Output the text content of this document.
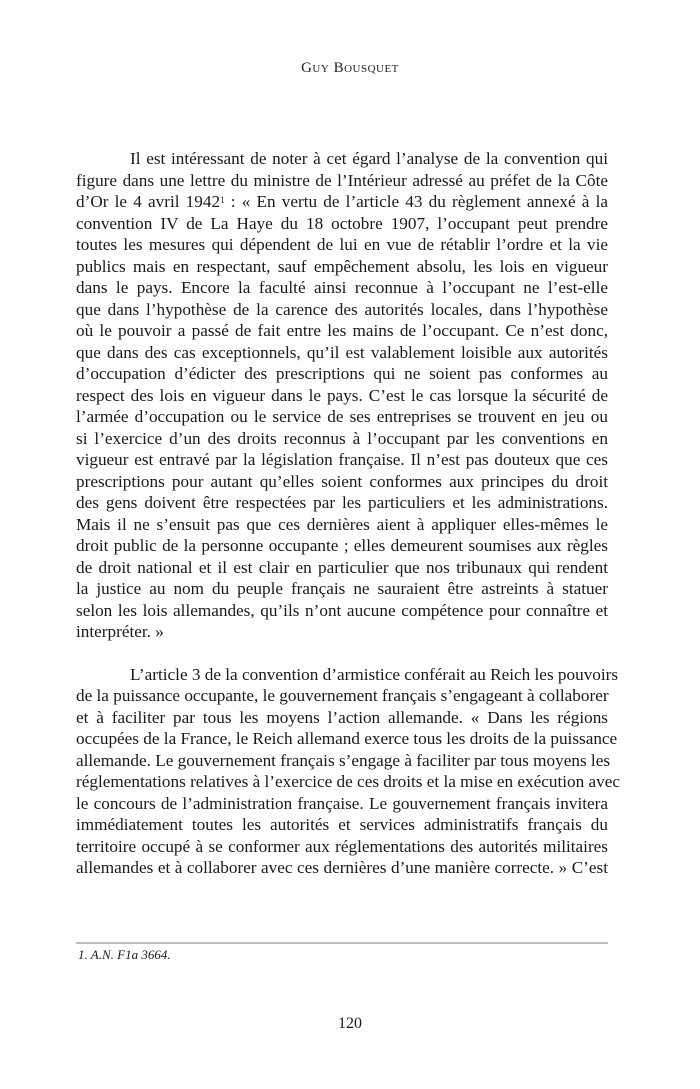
Guy Bousquet
Il est intéressant de noter à cet égard l’analyse de la convention qui
figure dans une lettre du ministre de l’Intérieur adressé au préfet de la Côte
d’Or le 4 avril 1942$^1$ : « En vertu de l’article 43 du règlement annexé à la
convention IV de La Haye du 18 octobre 1907, l’occupant peut prendre
toutes les mesures qui dépendent de lui en vue de rétablir l’ordre et la vie
publics mais en respectant, sauf empêchement absolu, les lois en vigueur
dans le pays. Encore la faculté ainsi reconnue à l’occupant ne l’est-elle
que dans l’hypothèse de la carence des autorités locales, dans l’hypothèse
où le pouvoir a passé de fait entre les mains de l’occupant. Ce n’est donc,
que dans des cas exceptionnels, qu’il est valablement loisible aux autorités
d’occupation d’édicter des prescriptions qui ne soient pas conformes au
respect des lois en vigueur dans le pays. C’est le cas lorsque la sécurité de
l’armée d’occupation ou le service de ses entreprises se trouvent en jeu ou
si l’exercice d’un des droits reconnus à l’occupant par les conventions en
vigueur est entravé par la législation française. Il n’est pas douteux que ces
prescriptions pour autant qu’elles soient conformes aux principes du droit
des gens doivent être respectées par les particuliers et les administrations.
Mais il ne s’ensuit pas que ces dernières aient à appliquer elles-mêmes le
droit public de la personne occupante ; elles demeurent soumises aux règles
de droit national et il est clair en particulier que nos tribunaux qui rendent
la justice au nom du peuple français ne sauraient être astreints à statuer
selon les lois allemandes, qu’ils n’ont aucune compétence pour connaître et
interpréter. »
L’article 3 de la convention d’armistice conférait au Reich les pouvoirs
de la puissance occupante, le gouvernement français s’engageant à collaborer
et à faciliter par tous les moyens l’action allemande. « Dans les régions
occupées de la France, le Reich allemand exerce tous les droits de la puissance
allemande. Le gouvernement français s’engage à faciliter par tous moyens les
réglementations relatives à l’exercice de ces droits et la mise en exécution avec
le concours de l’administration française. Le gouvernement français invitera
immédiatement toutes les autorités et services administratifs français du
territoire occupé à se conformer aux réglementations des autorités militaires
allemandes et à collaborer avec ces dernières d’une manière correcte. » C’est
1. A.N. F1a 3664.
120
